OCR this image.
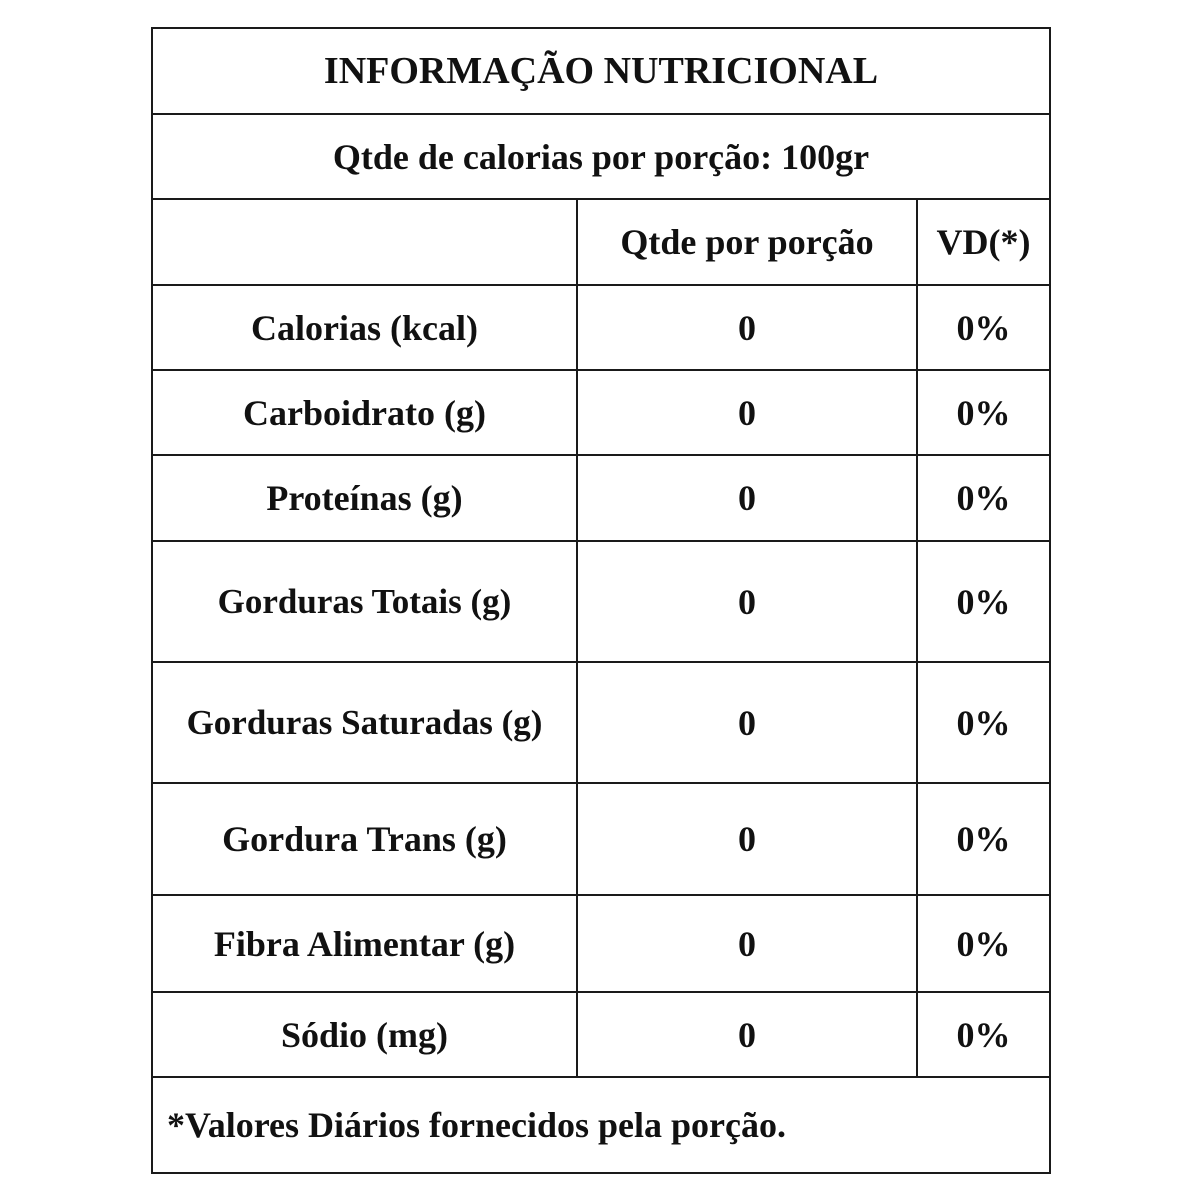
INFORMAÇÃO NUTRICIONAL		
Qtde de calorias por porção: 100gr		
	Qtde por porção	VD(*)
Calorias (kcal)	0	0%
Carboidrato (g)	0	0%
Proteínas (g)	0	0%
Gorduras Totais (g)	0	0%
Gorduras Saturadas (g)	0	0%
Gordura Trans (g)	0	0%
Fibra Alimentar (g)	0	0%
Sódio (mg)	0	0%
*Valores Diários fornecidos pela porção.		
